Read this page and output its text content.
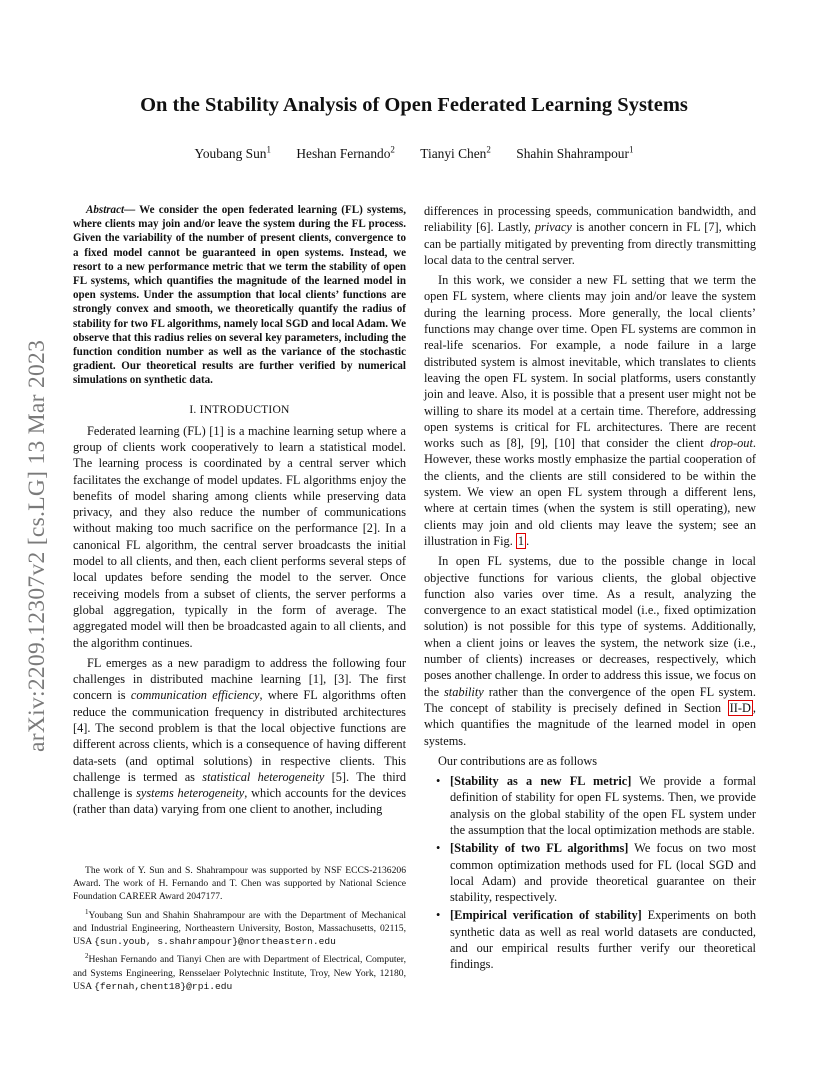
arXiv:2209.12307v2 [cs.LG] 13 Mar 2023
On the Stability Analysis of Open Federated Learning Systems
Youbang Sun$^1$ Heshan Fernando$^2$ Tianyi Chen$^2$ Shahin Shahrampour$^1$

Abstract— We consider the open federated learning (FL) systems, where clients may join and/or leave the system during the FL process. Given the variability of the number of present clients, convergence to a fixed model cannot be guaranteed in open systems. Instead, we resort to a new performance metric that we term the stability of open FL systems, which quantifies the magnitude of the learned model in open systems. Under the assumption that local clients’ functions are strongly convex and smooth, we theoretically quantify the radius of stability for two FL algorithms, namely local SGD and local Adam. We observe that this radius relies on several key parameters, including the function condition number as well as the variance of the stochastic gradient. Our theoretical results are further verified by numerical simulations on synthetic data.

I. INTRODUCTION

Federated learning (FL) [1] is a machine learning setup where a group of clients work cooperatively to learn a statistical model. The learning process is coordinated by a central server which facilitates the exchange of model updates. FL algorithms enjoy the benefits of model sharing among clients while preserving data privacy, and they also reduce the number of communications without making too much sacrifice on the performance [2]. In a canonical FL algorithm, the central server broadcasts the initial model to all clients, and then, each client performs several steps of local updates before sending the model to the server. Once receiving models from a subset of clients, the server performs a global aggregation, typically in the form of average. The aggregated model will then be broadcasted again to all clients, and the algorithm continues.

FL emerges as a new paradigm to address the following four challenges in distributed machine learning [1], [3]. The first concern is communication efficiency, where FL algorithms often reduce the communication frequency in distributed architectures [4]. The second problem is that the local objective functions are different across clients, which is a consequence of having different data-sets (and optimal solutions) in respective clients. This challenge is termed as statistical heterogeneity [5]. The third challenge is systems heterogeneity, which accounts for the devices (rather than data) varying from one client to another, including

The work of Y. Sun and S. Shahrampour was supported by NSF ECCS-2136206 Award. The work of H. Fernando and T. Chen was supported by National Science Foundation CAREER Award 2047177.

$^1$Youbang Sun and Shahin Shahrampour are with the Department of Mechanical and Industrial Engineering, Northeastern University, Boston, Massachusetts, 02115, USA {sun.youb, s.shahrampour}@northeastern.edu

$^2$Heshan Fernando and Tianyi Chen are with Department of Electrical, Computer, and Systems Engineering, Rensselaer Polytechnic Institute, Troy, New York, 12180, USA {fernah,chent18}@rpi.edu

differences in processing speeds, communication bandwidth, and reliability [6]. Lastly, privacy is another concern in FL [7], which can be partially mitigated by preventing from directly transmitting local data to the central server.

In this work, we consider a new FL setting that we term the open FL system, where clients may join and/or leave the system during the learning process. More generally, the local clients’ functions may change over time. Open FL systems are common in real-life scenarios. For example, a node failure in a large distributed system is almost inevitable, which translates to clients leaving the open FL system. In social platforms, users constantly join and leave. Also, it is possible that a present user might not be willing to share its model at a certain time. Therefore, addressing open systems is critical for FL architectures. There are recent works such as [8], [9], [10] that consider the client drop-out. However, these works mostly emphasize the partial cooperation of the clients, and the clients are still considered to be within the system. We view an open FL system through a different lens, where at certain times (when the system is still operating), new clients may join and old clients may leave the system; see an illustration in Fig. 1 .

In open FL systems, due to the possible change in local objective functions for various clients, the global objective function also varies over time. As a result, analyzing the convergence to an exact statistical model (i.e., fixed optimization solution) is not possible for this type of systems. Additionally, when a client joins or leaves the system, the network size (i.e., number of clients) increases or decreases, respectively, which poses another challenge. In order to address this issue, we focus on the stability rather than the convergence of the open FL system. The concept of stability is precisely defined in Section II-D , which quantifies the magnitude of the learned model in open systems.

Our contributions are as follows

• [Stability as a new FL metric] We provide a formal definition of stability for open FL systems. Then, we provide analysis on the global stability of the open FL system under the assumption that the local optimization methods are stable.
• [Stability of two FL algorithms] We focus on two most common optimization methods used for FL (local SGD and local Adam) and provide theoretical guarantee on their stability, respectively.
• [Empirical verification of stability] Experiments on both synthetic data as well as real world datasets are conducted, and our empirical results further verify our theoretical findings.
